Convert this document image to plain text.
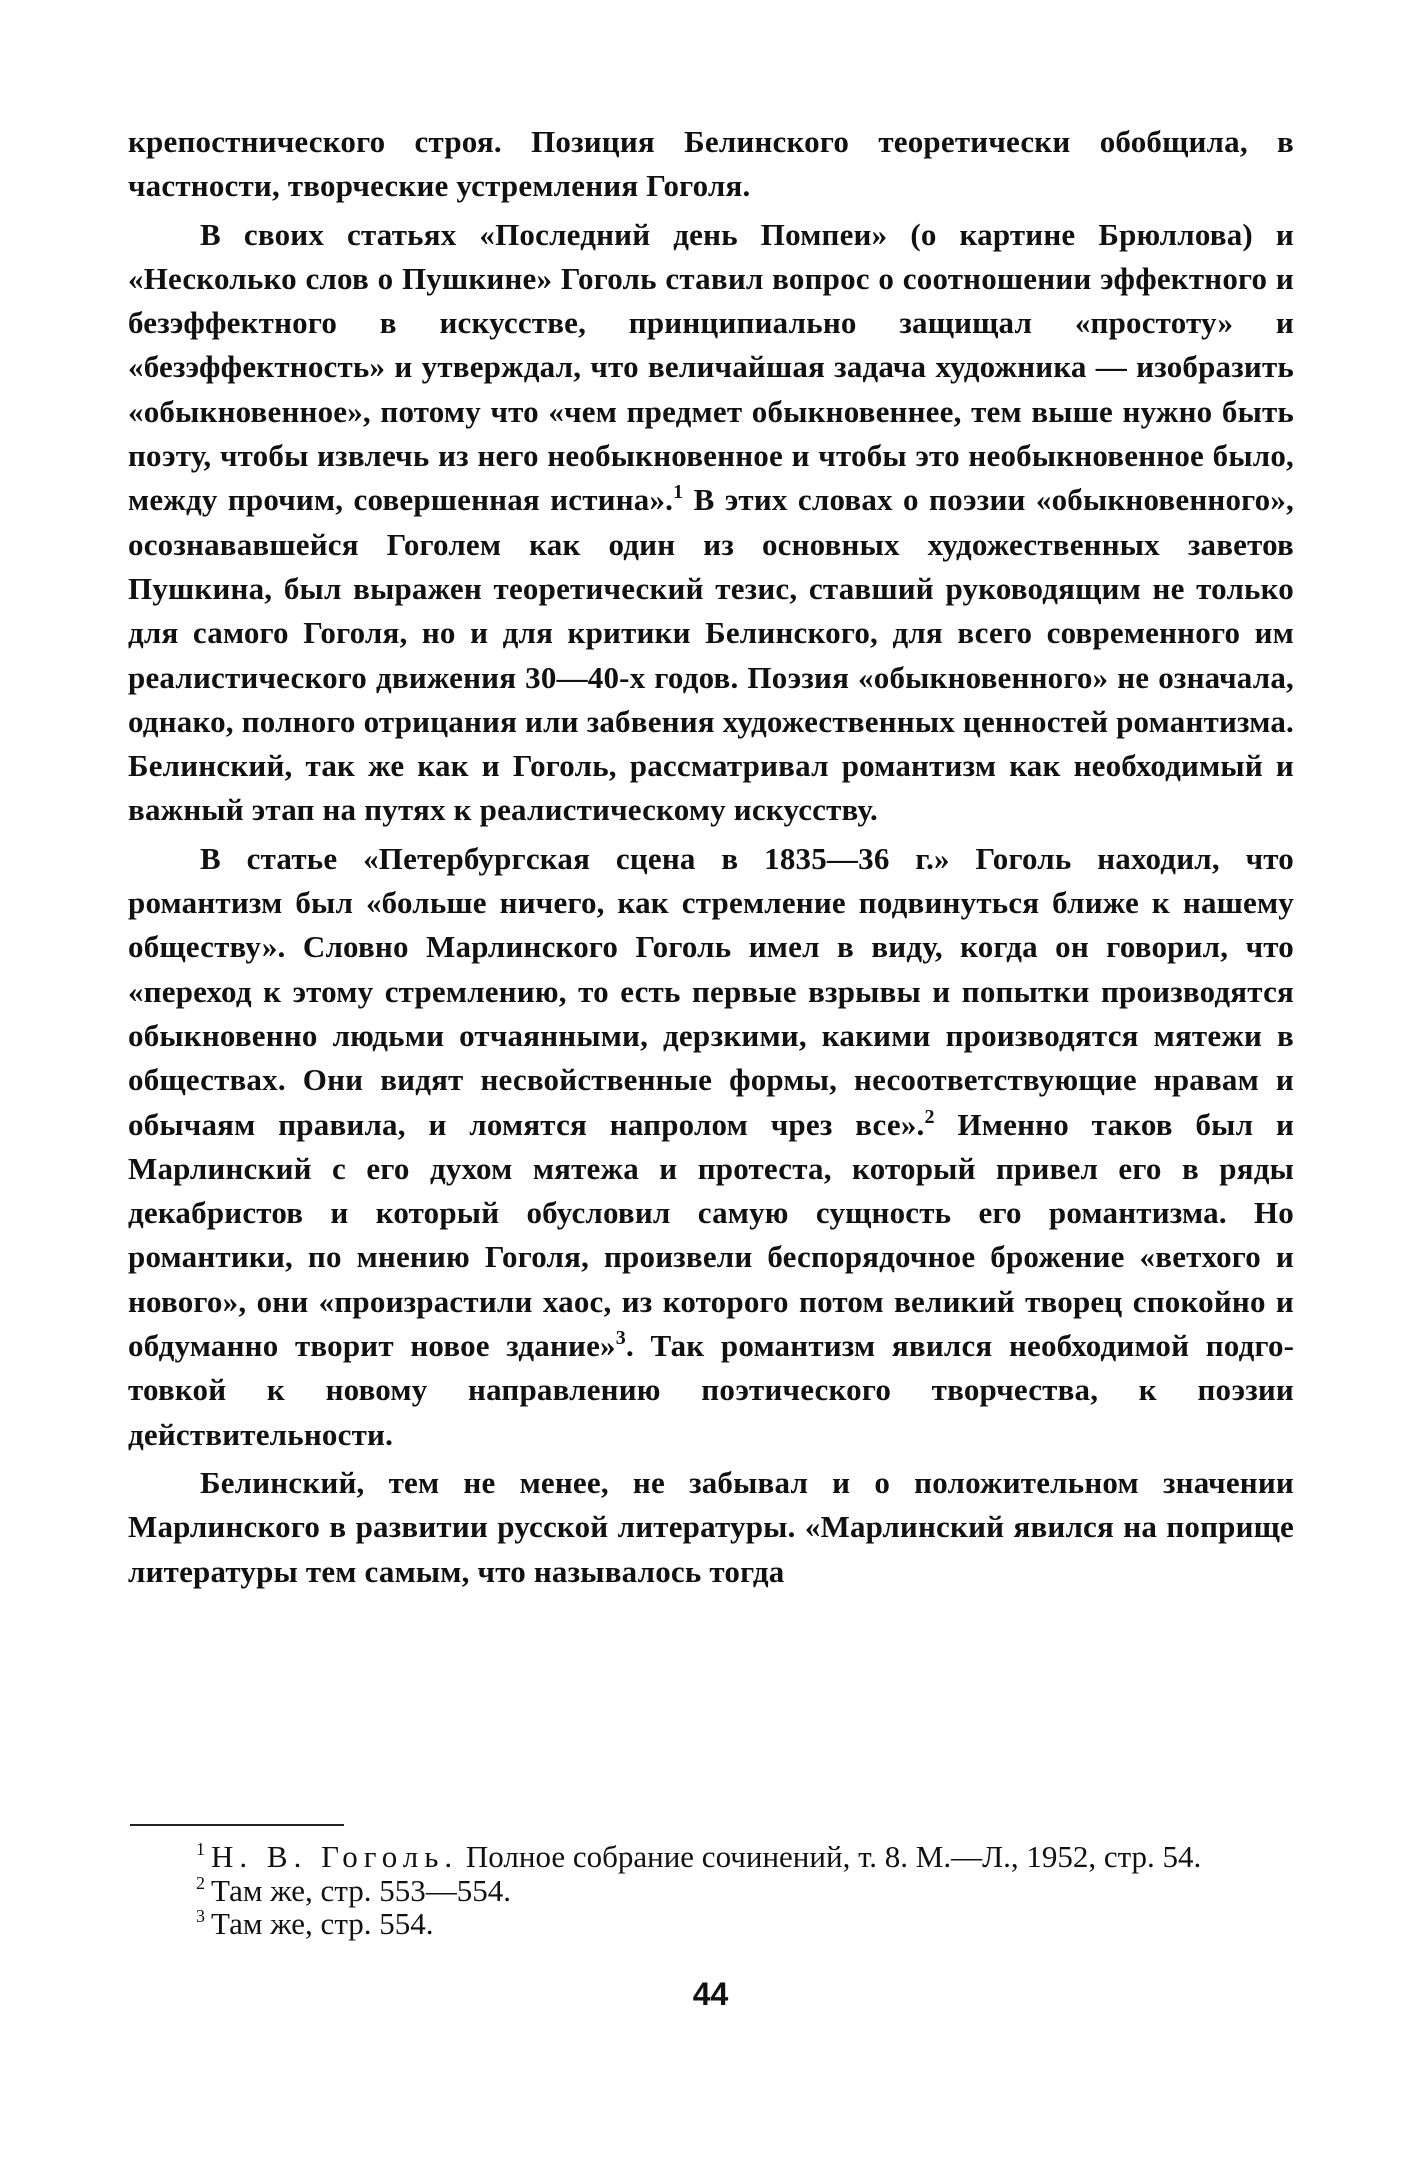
крепостнического строя. Позиция Белинского теоретически обобщила, в частности, творческие устремления Гоголя.

В своих статьях «Последний день Помпеи» (о картине Брюллова) и «Несколько слов о Пушкине» Гоголь ставил вопрос о соотношении эффектного и безэффектного в искусстве, принципиально защищал «простоту» и «безэффектность» и утверждал, что величайшая задача художника — изобразить «обыкновенное», потому что «чем предмет обыкновеннее, тем выше нужно быть поэту, чтобы извлечь из него необыкновенное и чтобы это необыкновенное было, между прочим, совершенная истина».$^1$ В этих словах о поэзии «обыкновенного», осознававшейся Гоголем как один из основных художественных заветов Пушкина, был выражен теоретический тезис, ставший руководящим не только для самого Гоголя, но и для критики Белинского, для всего современного им реалистического движения 30—40-х годов. Поэзия «обыкновенного» не означала, однако, полного отрицания или забвения художественных ценностей романтизма. Белинский, так же как и Гоголь, рассматривал романтизм как необходимый и важный этап на путях к реалистическому искусству.

В статье «Петербургская сцена в 1835—36 г.» Гоголь находил, что романтизм был «больше ничего, как стремление подвинуться ближе к нашему обществу». Словно Марлинского Гоголь имел в виду, когда он говорил, что «переход к этому стремлению, то есть первые взрывы и попытки производятся обыкновенно людьми отчаянными, дерзкими, какими производятся мятежи в обществах. Они видят несвойственные формы, несоответствующие нравам и обычаям правила, и ломятся напролом чрез все».$^2$ Именно таков был и Марлинский с его духом мятежа и протеста, который привел его в ряды декабристов и который обусловил самую сущность его романтизма. Но романтики, по мнению Гоголя, произвели беспорядочное брожение «ветхого и нового», они «произрастили хаос, из которого потом великий творец спокойно и обдуманно творит новое здание»$^3$. Так романтизм явился необходимой подготовкой к новому направлению поэтического творчества, к поэзии действительности.

Белинский, тем не менее, не забывал и о положительном значении Марлинского в развитии русской литературы. «Марлинский явился на поприще литературы тем самым, что называлось тогда

$^1$ Н. В. Гоголь. Полное собрание сочинений, т. 8. М.—Л., 1952, стр. 54.

$^2$ Там же, стр. 553—554.

$^3$ Там же, стр. 554.

44
